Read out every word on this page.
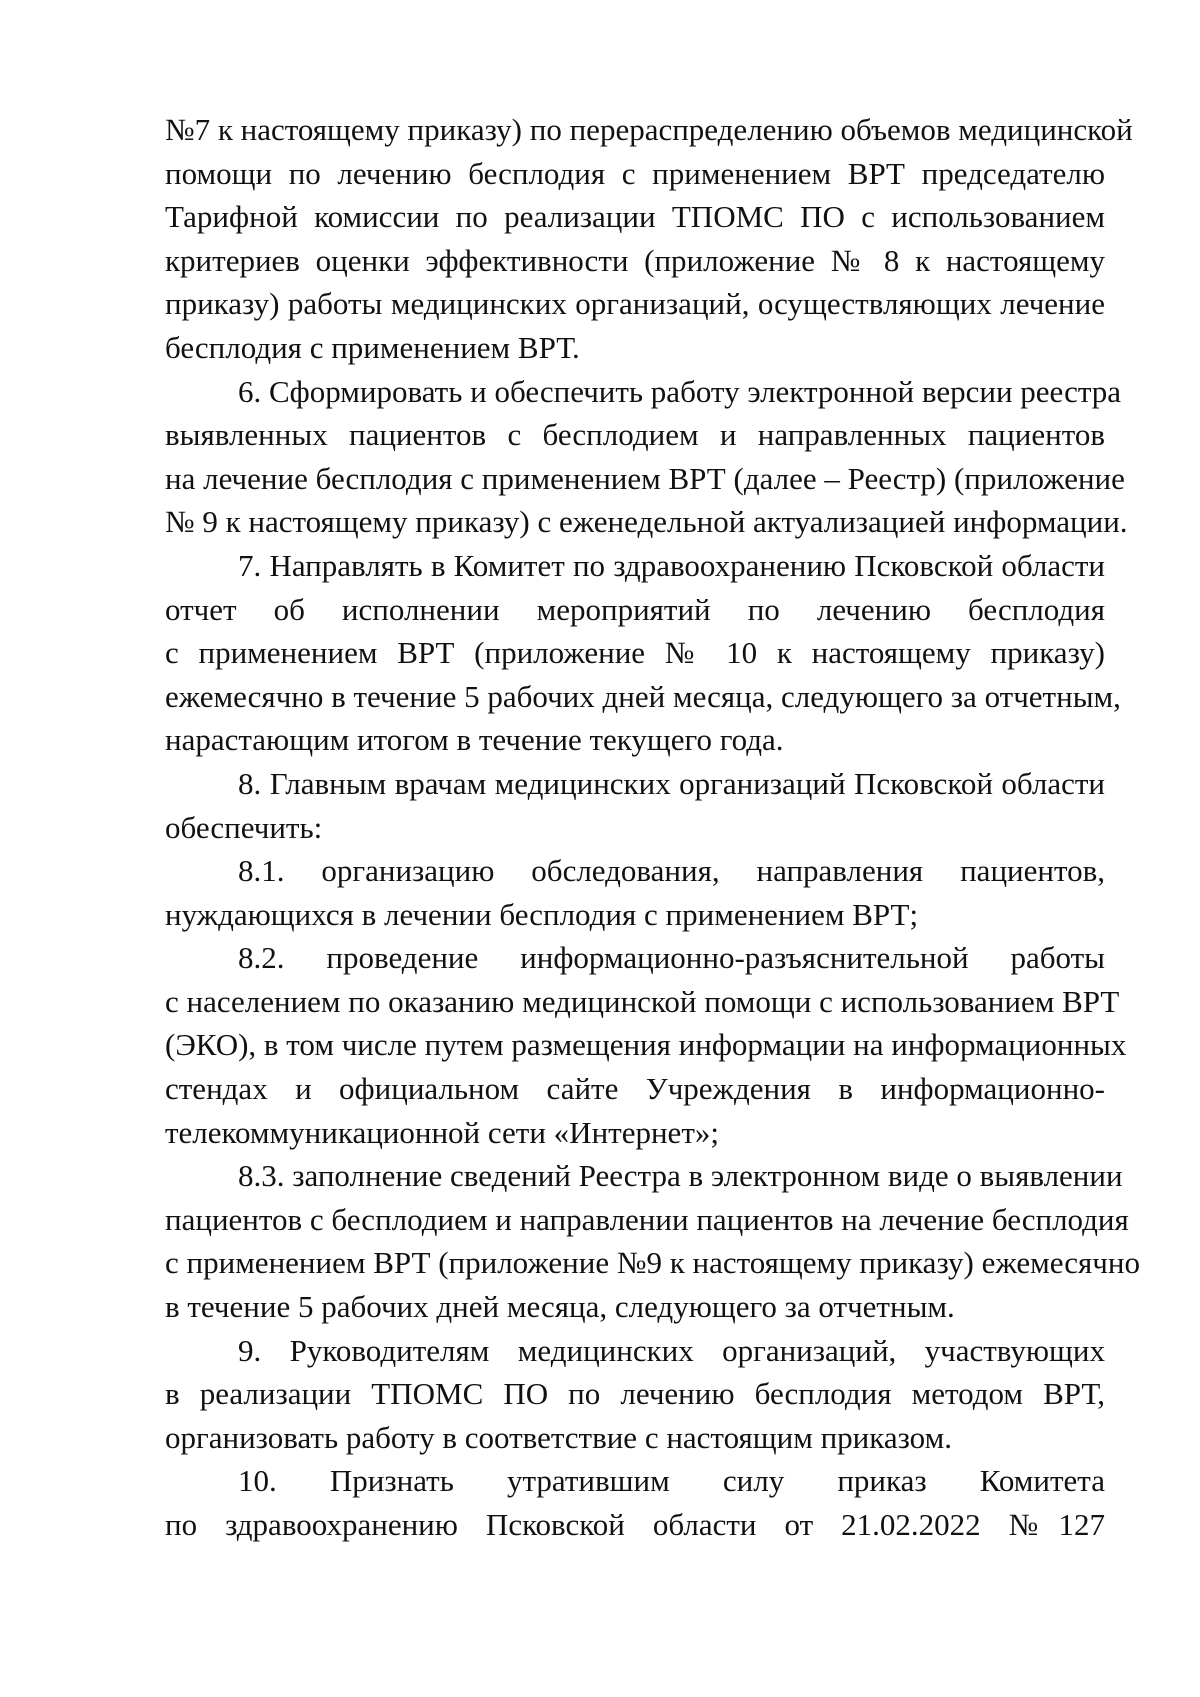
№7 к настоящему приказу) по перераспределению объемов медицинской
помощи по лечению бесплодия с применением ВРТ председателю
Тарифной комиссии по реализации ТПОМС ПО с использованием
критериев оценки эффективности (приложение № 8 к настоящему
приказу) работы медицинских организаций, осуществляющих лечение
бесплодия с применением ВРТ.
6. Сформировать и обеспечить работу электронной версии реестра
выявленных пациентов с бесплодием и направленных пациентов
на лечение бесплодия с применением ВРТ (далее – Реестр) (приложение
№ 9 к настоящему приказу) с еженедельной актуализацией информации.
7. Направлять в Комитет по здравоохранению Псковской области
отчет об исполнении мероприятий по лечению бесплодия
с применением ВРТ (приложение № 10 к настоящему приказу)
ежемесячно в течение 5 рабочих дней месяца, следующего за отчетным,
нарастающим итогом в течение текущего года.
8. Главным врачам медицинских организаций Псковской области
обеспечить:
8.1. организацию обследования, направления пациентов,
нуждающихся в лечении бесплодия с применением ВРТ;
8.2. проведение информационно-разъяснительной работы
с населением по оказанию медицинской помощи с использованием ВРТ
(ЭКО), в том числе путем размещения информации на информационных
стендах и официальном сайте Учреждения в информационно-
телекоммуникационной сети «Интернет»;
8.3. заполнение сведений Реестра в электронном виде о выявлении
пациентов с бесплодием и направлении пациентов на лечение бесплодия
с применением ВРТ (приложение №9 к настоящему приказу) ежемесячно
в течение 5 рабочих дней месяца, следующего за отчетным.
9. Руководителям медицинских организаций, участвующих
в реализации ТПОМС ПО по лечению бесплодия методом ВРТ,
организовать работу в соответствие с настоящим приказом.
10. Признать утратившим силу приказ Комитета
по здравоохранению Псковской области от 21.02.2022 №127
